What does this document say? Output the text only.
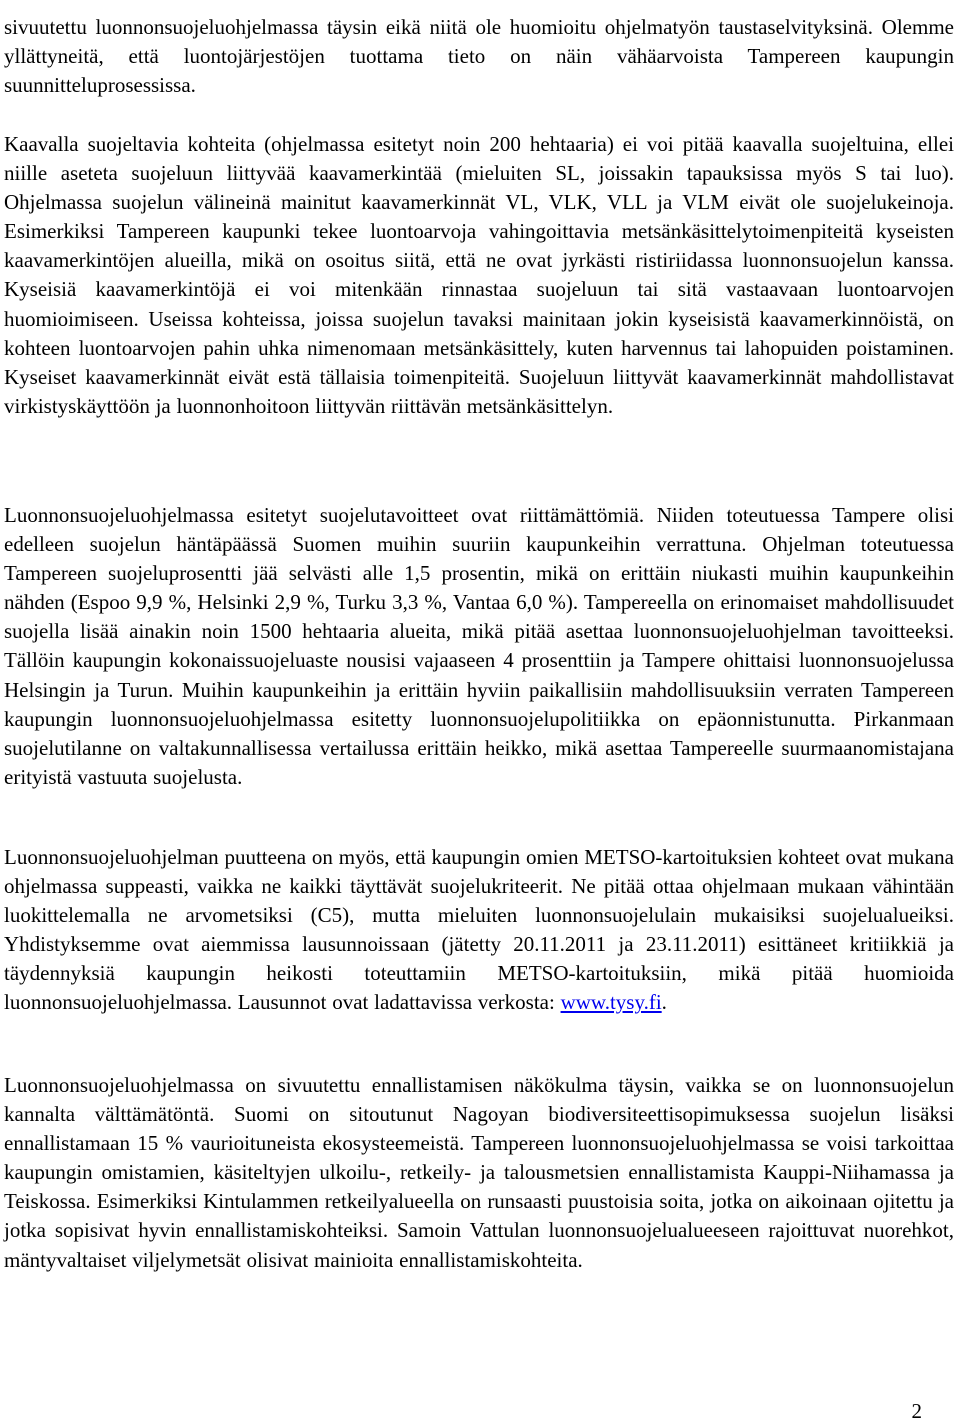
sivuutettu luonnonsuojeluohjelmassa täysin eikä niitä ole huomioitu ohjelmatyön taustaselvityksinä. Olemme yllättyneitä, että luontojärjestöjen tuottama tieto on näin vähäarvoista Tampereen kaupungin suunnitteluprosessissa.

Kaavalla suojeltavia kohteita (ohjelmassa esitetyt noin 200 hehtaaria) ei voi pitää kaavalla suojeltuina, ellei niille aseteta suojeluun liittyvää kaavamerkintää (mieluiten SL, joissakin tapauksissa myös S tai luo). Ohjelmassa suojelun välineinä mainitut kaavamerkinnät VL, VLK, VLL ja VLM eivät ole suojelukeinoja. Esimerkiksi Tampereen kaupunki tekee luontoarvoja vahingoittavia metsänkäsittelytoimenpiteitä kyseisten kaavamerkintöjen alueilla, mikä on osoitus siitä, että ne ovat jyrkästi ristiriidassa luonnonsuojelun kanssa. Kyseisiä kaavamerkintöjä ei voi mitenkään rinnastaa suojeluun tai sitä vastaavaan luontoarvojen huomioimiseen. Useissa kohteissa, joissa suojelun tavaksi mainitaan jokin kyseisistä kaavamerkinnöistä, on kohteen luontoarvojen pahin uhka nimenomaan metsänkäsittely, kuten harvennus tai lahopuiden poistaminen. Kyseiset kaavamerkinnät eivät estä tällaisia toimenpiteitä. Suojeluun liittyvät kaavamerkinnät mahdollistavat virkistyskäyttöön ja luonnonhoitoon liittyvän riittävän metsänkäsittelyn.

Luonnonsuojeluohjelmassa esitetyt suojelutavoitteet ovat riittämättömiä. Niiden toteutuessa Tampere olisi edelleen suojelun häntäpäässä Suomen muihin suuriin kaupunkeihin verrattuna. Ohjelman toteutuessa Tampereen suojeluprosentti jää selvästi alle 1,5 prosentin, mikä on erittäin niukasti muihin kaupunkeihin nähden (Espoo 9,9 %, Helsinki 2,9 %, Turku 3,3 %, Vantaa 6,0 %). Tampereella on erinomaiset mahdollisuudet suojella lisää ainakin noin 1500 hehtaaria alueita, mikä pitää asettaa luonnonsuojeluohjelman tavoitteeksi. Tällöin kaupungin kokonaissuojeluaste nousisi vajaaseen 4 prosenttiin ja Tampere ohittaisi luonnonsuojelussa Helsingin ja Turun. Muihin kaupunkeihin ja erittäin hyviin paikallisiin mahdollisuuksiin verraten Tampereen kaupungin luonnonsuojeluohjelmassa esitetty luonnonsuojelupolitiikka on epäonnistunutta. Pirkanmaan suojelutilanne on valtakunnallisessa vertailussa erittäin heikko, mikä asettaa Tampereelle suurmaanomistajana erityistä vastuuta suojelusta.

Luonnonsuojeluohjelman puutteena on myös, että kaupungin omien METSO-kartoituksien kohteet ovat mukana ohjelmassa suppeasti, vaikka ne kaikki täyttävät suojelukriteerit. Ne pitää ottaa ohjelmaan mukaan vähintään luokittelemalla ne arvometsiksi (C5), mutta mieluiten luonnonsuojelulain mukaisiksi suojelualueiksi. Yhdistyksemme ovat aiemmissa lausunnoissaan (jätetty 20.11.2011 ja 23.11.2011) esittäneet kritiikkiä ja täydennyksiä kaupungin heikosti toteuttamiin METSO-kartoituksiin, mikä pitää huomioida luonnonsuojeluohjelmassa. Lausunnot ovat ladattavissa verkosta: www.tysy.fi.

Luonnonsuojeluohjelmassa on sivuutettu ennallistamisen näkökulma täysin, vaikka se on luonnonsuojelun kannalta välttämätöntä. Suomi on sitoutunut Nagoyan biodiversiteettisopimuksessa suojelun lisäksi ennallistamaan 15 % vaurioituneista ekosysteemeistä. Tampereen luonnonsuojeluohjelmassa se voisi tarkoittaa kaupungin omistamien, käsiteltyjen ulkoilu-, retkeily- ja talousmetsien ennallistamista Kauppi-Niihamassa ja Teiskossa. Esimerkiksi Kintulammen retkeilyalueella on runsaasti puustoisia soita, jotka on aikoinaan ojitettu ja jotka sopisivat hyvin ennallistamiskohteiksi. Samoin Vattulan luonnonsuojelualueeseen rajoittuvat nuorehkot, mäntyvaltaiset viljelymetsät olisivat mainioita ennallistamiskohteita.

2
